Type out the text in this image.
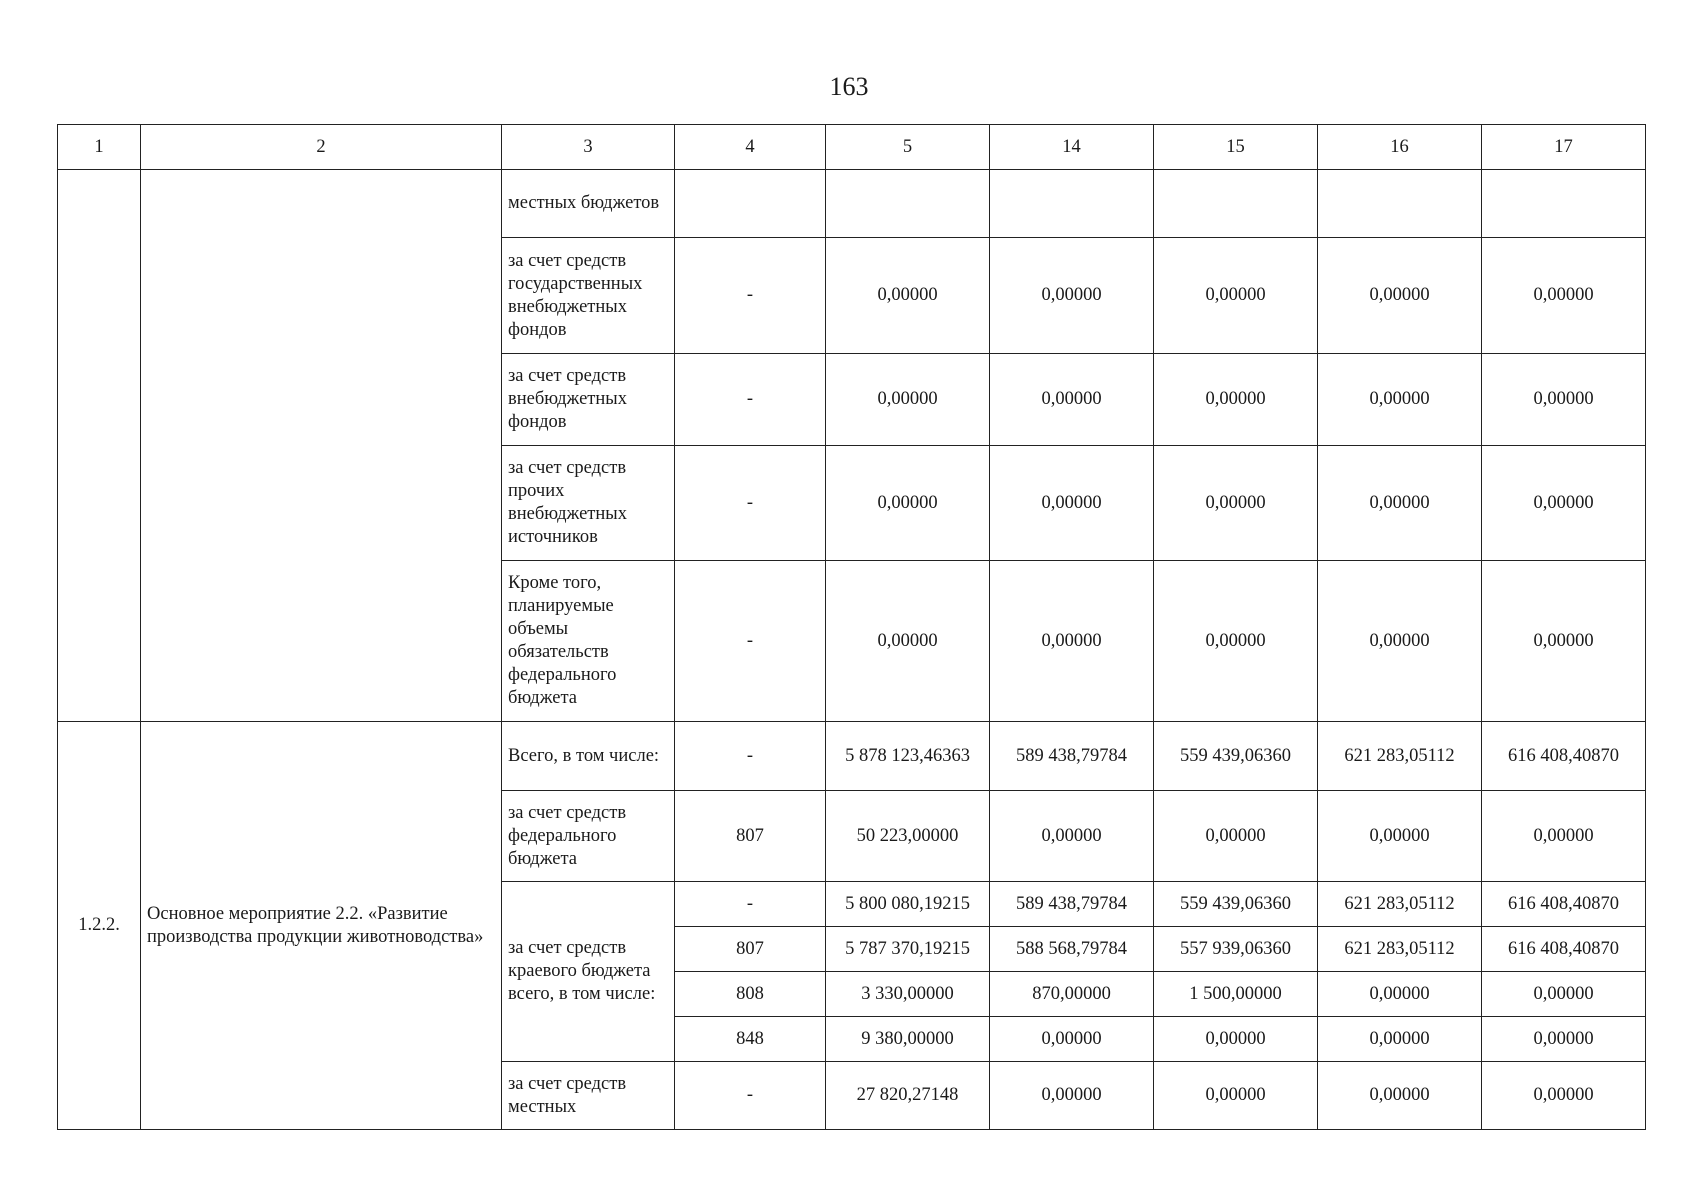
163
1	2	3	4	5	14	15	16	17
		местных бюджетов						
		за счет средств государственных внебюджетных фондов	-	0,00000	0,00000	0,00000	0,00000	0,00000
		за счет средств внебюджетных фондов	-	0,00000	0,00000	0,00000	0,00000	0,00000
		за счет средств прочих внебюджетных источников	-	0,00000	0,00000	0,00000	0,00000	0,00000
		Кроме того, планируемые объемы обязательств федерального бюджета	-	0,00000	0,00000	0,00000	0,00000	0,00000
1.2.2.	Основное мероприятие 2.2. «Развитие производства продукции животноводства»	Всего, в том числе:	-	5 878 123,46363	589 438,79784	559 439,06360	621 283,05112	616 408,40870
		за счет средств федерального бюджета	807	50 223,00000	0,00000	0,00000	0,00000	0,00000
		за счет средств краевого бюджета всего, в том числе:	-	5 800 080,19215	589 438,79784	559 439,06360	621 283,05112	616 408,40870
			807	5 787 370,19215	588 568,79784	557 939,06360	621 283,05112	616 408,40870
			808	3 330,00000	870,00000	1 500,00000	0,00000	0,00000
			848	9 380,00000	0,00000	0,00000	0,00000	0,00000
		за счет средств местных	-	27 820,27148	0,00000	0,00000	0,00000	0,00000
